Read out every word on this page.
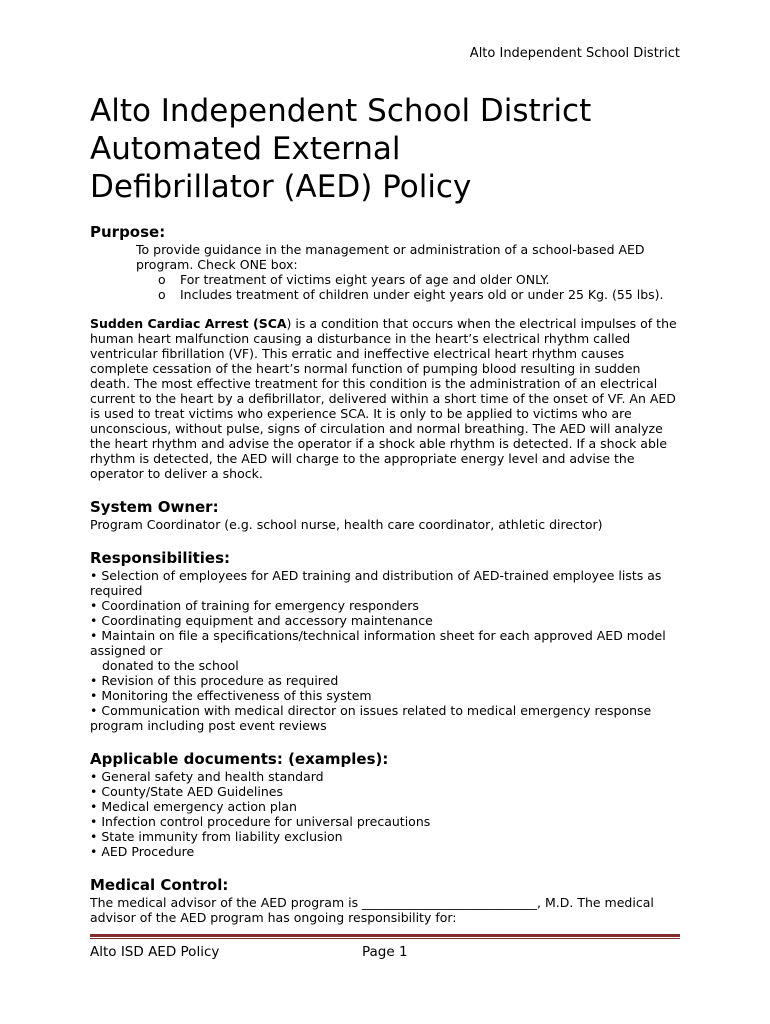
Alto Independent School District
Alto Independent School District
Automated External
Defibrillator (AED) Policy
Purpose:
To provide guidance in the management or administration of a school-based AED program. Check ONE box:
o For treatment of victims eight years of age and older ONLY.
o Includes treatment of children under eight years old or under 25 Kg. (55 lbs).

Sudden Cardiac Arrest (SCA) is a condition that occurs when the electrical impulses of the human heart malfunction causing a disturbance in the heart’s electrical rhythm called ventricular fibrillation (VF). This erratic and ineffective electrical heart rhythm causes complete cessation of the heart’s normal function of pumping blood resulting in sudden death. The most effective treatment for this condition is the administration of an electrical current to the heart by a defibrillator, delivered within a short time of the onset of VF. An AED is used to treat victims who experience SCA. It is only to be applied to victims who are unconscious, without pulse, signs of circulation and normal breathing. The AED will analyze the heart rhythm and advise the operator if a shock able rhythm is detected. If a shock able rhythm is detected, the AED will charge to the appropriate energy level and advise the operator to deliver a shock.

System Owner:
Program Coordinator (e.g. school nurse, health care coordinator, athletic director)
Responsibilities:
• Selection of employees for AED training and distribution of AED-trained employee lists as required
• Coordination of training for emergency responders
• Coordinating equipment and accessory maintenance
• Maintain on file a specifications/technical information sheet for each approved AED model assigned or
donated to the school
• Revision of this procedure as required
• Monitoring the effectiveness of this system
• Communication with medical director on issues related to medical emergency response program including post event reviews
Applicable documents: (examples):
• General safety and health standard
• County/State AED Guidelines
• Medical emergency action plan
• Infection control procedure for universal precautions
• State immunity from liability exclusion
• AED Procedure
Medical Control:
The medical advisor of the AED program is ____________________________, M.D. The medical advisor of the AED program has ongoing responsibility for:
Alto ISD AED Policy	Page 1
